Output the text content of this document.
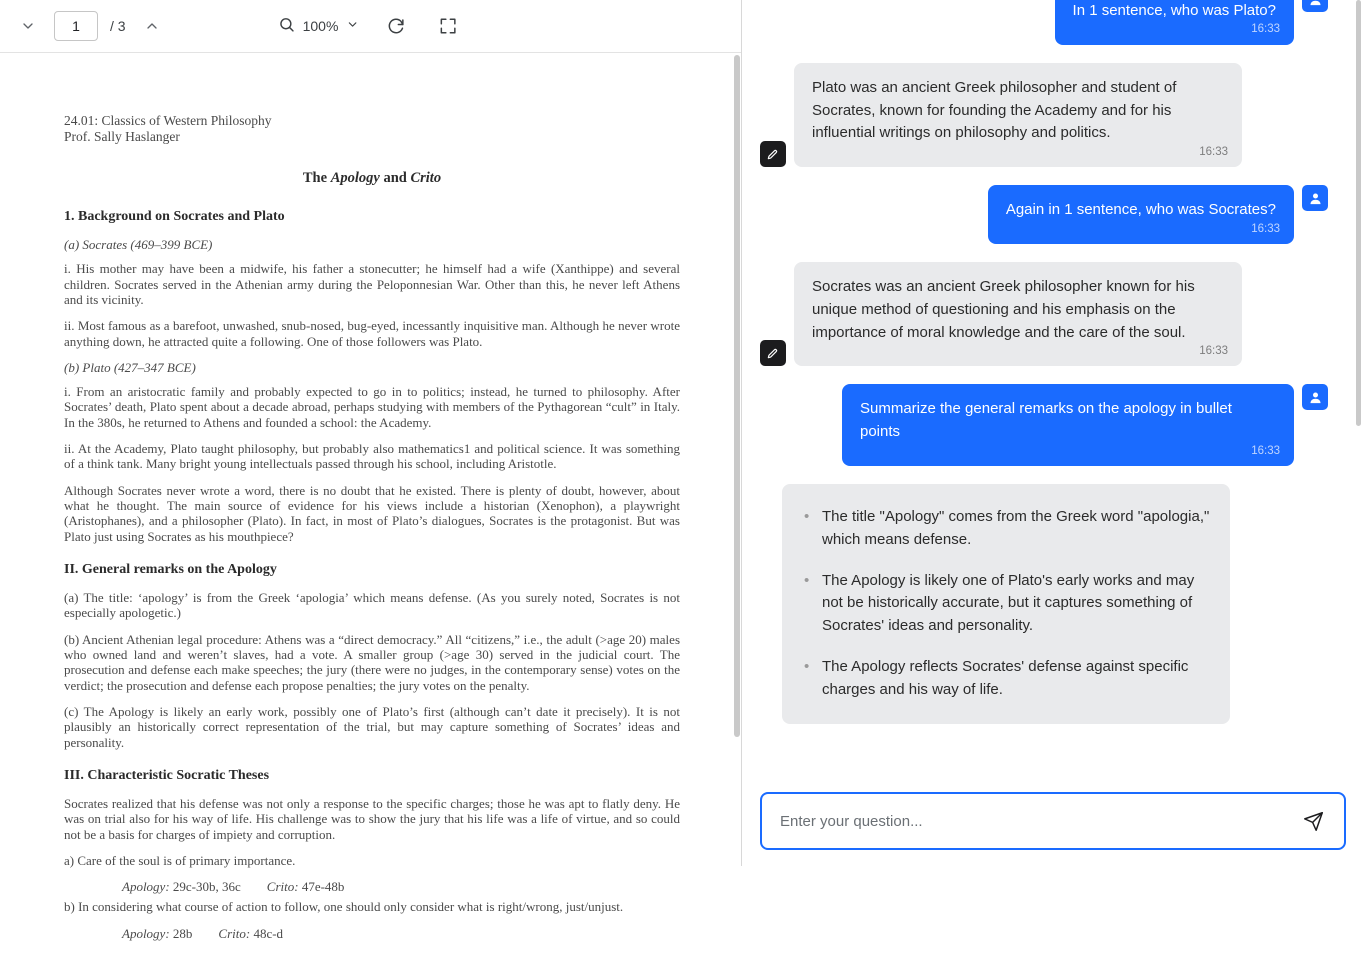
1
/ 3	100%
24.01: Classics of Western Philosophy
Prof. Sally Haslanger
The Apology and Crito
1. Background on Socrates and Plato

(a) Socrates (469–399 BCE)

i. His mother may have been a midwife, his father a stonecutter; he himself had a wife (Xanthippe) and several children. Socrates served in the Athenian army during the Peloponnesian War. Other than this, he never left Athens and its vicinity.

ii. Most famous as a barefoot, unwashed, snub-nosed, bug-eyed, incessantly inquisitive man. Although he never wrote anything down, he attracted quite a following. One of those followers was Plato.

(b) Plato (427–347 BCE)

i. From an aristocratic family and probably expected to go in to politics; instead, he turned to philosophy. After Socrates’ death, Plato spent about a decade abroad, perhaps studying with members of the Pythagorean “cult” in Italy. In the 380s, he returned to Athens and founded a school: the Academy.

ii. At the Academy, Plato taught philosophy, but probably also mathematics1 and political science. It was something of a think tank. Many bright young intellectuals passed through his school, including Aristotle.

Although Socrates never wrote a word, there is no doubt that he existed. There is plenty of doubt, however, about what he thought. The main source of evidence for his views include a historian (Xenophon), a playwright (Aristophanes), and a philosopher (Plato). In fact, in most of Plato’s dialogues, Socrates is the protagonist. But was Plato just using Socrates as his mouthpiece?

II. General remarks on the Apology

(a) The title: ‘apology’ is from the Greek ‘apologia’ which means defense. (As you surely noted, Socrates is not especially apologetic.)

(b) Ancient Athenian legal procedure: Athens was a “direct democracy.” All “citizens,” i.e., the adult (>age 20) males who owned land and weren’t slaves, had a vote. A smaller group (>age 30) served in the judicial court. The prosecution and defense each make speeches; the jury (there were no judges, in the contemporary sense) votes on the verdict; the prosecution and defense each propose penalties; the jury votes on the penalty.

(c) The Apology is likely an early work, possibly one of Plato’s first (although can’t date it precisely). It is not plausibly an historically correct representation of the trial, but may capture something of Socrates’ ideas and personality.

III. Characteristic Socratic Theses

Socrates realized that his defense was not only a response to the specific charges; those he was apt to flatly deny. He was on trial also for his way of life. His challenge was to show the jury that his life was a life of virtue, and so could not be a basis for charges of impiety and corruption.

a) Care of the soul is of primary importance.

Apology: 29c-30b, 36c Crito: 47e-48b

b) In considering what course of action to follow, one should only consider what is right/wrong, just/unjust.

Apology: 28b Crito: 48c-d

In 1 sentence, who was Plato?
16:33
Plato was an ancient Greek philosopher and student of Socrates, known for founding the Academy and for his influential writings on philosophy and politics.
16:33
Again in 1 sentence, who was Socrates?
16:33
Socrates was an ancient Greek philosopher known for his unique method of questioning and his emphasis on the importance of moral knowledge and the care of the soul.
16:33
Summarize the general remarks on the apology in bullet points
16:33
• The title "Apology" comes from the Greek word "apologia," which means defense.
• The Apology is likely one of Plato's early works and may not be historically accurate, but it captures something of Socrates' ideas and personality.
• The Apology reflects Socrates' defense against specific charges and his way of life.
Enter your question...
